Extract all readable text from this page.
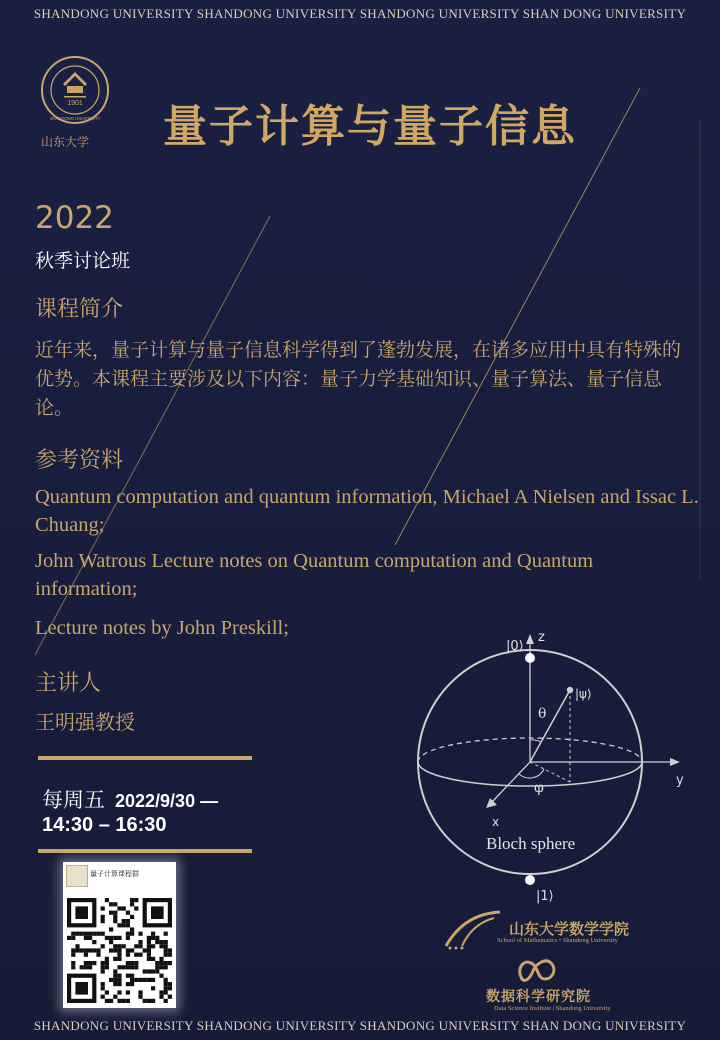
SHANDONG UNIVERSITY SHANDONG UNIVERSITY SHANDONG UNIVERSITY SHAN DONG UNIVERSITY
1901
SHANDONG UNIVERSITY
山东大学 量子计算与量子信息
2022
秋季讨论班
课程简介
近年来，量子计算与量子信息科学得到了蓬勃发展，在诸多应用中具有特殊的优势。本课程主要涉及以下内容：量子力学基础知识、量子算法、量子信息论。
参考资料
Quantum computation and quantum information, Michael A Nielsen and Issac L. Chuang;
John Watrous Lecture notes on Quantum computation and Quantum information;
Lecture notes by John Preskill;
主讲人
王明强教授
每周五 2022/9/30 —
14:30 – 16:30
量子计算课程群
|0⟩
z
|ψ⟩
θ
φ	y
x
|1⟩
Bloch sphere
山东大学数学学院
School of Mathematics • Shandong University
数据科学研究院
Data Science Institute | Shandong University
SHANDONG UNIVERSITY SHANDONG UNIVERSITY SHANDONG UNIVERSITY SHAN DONG UNIVERSITY
